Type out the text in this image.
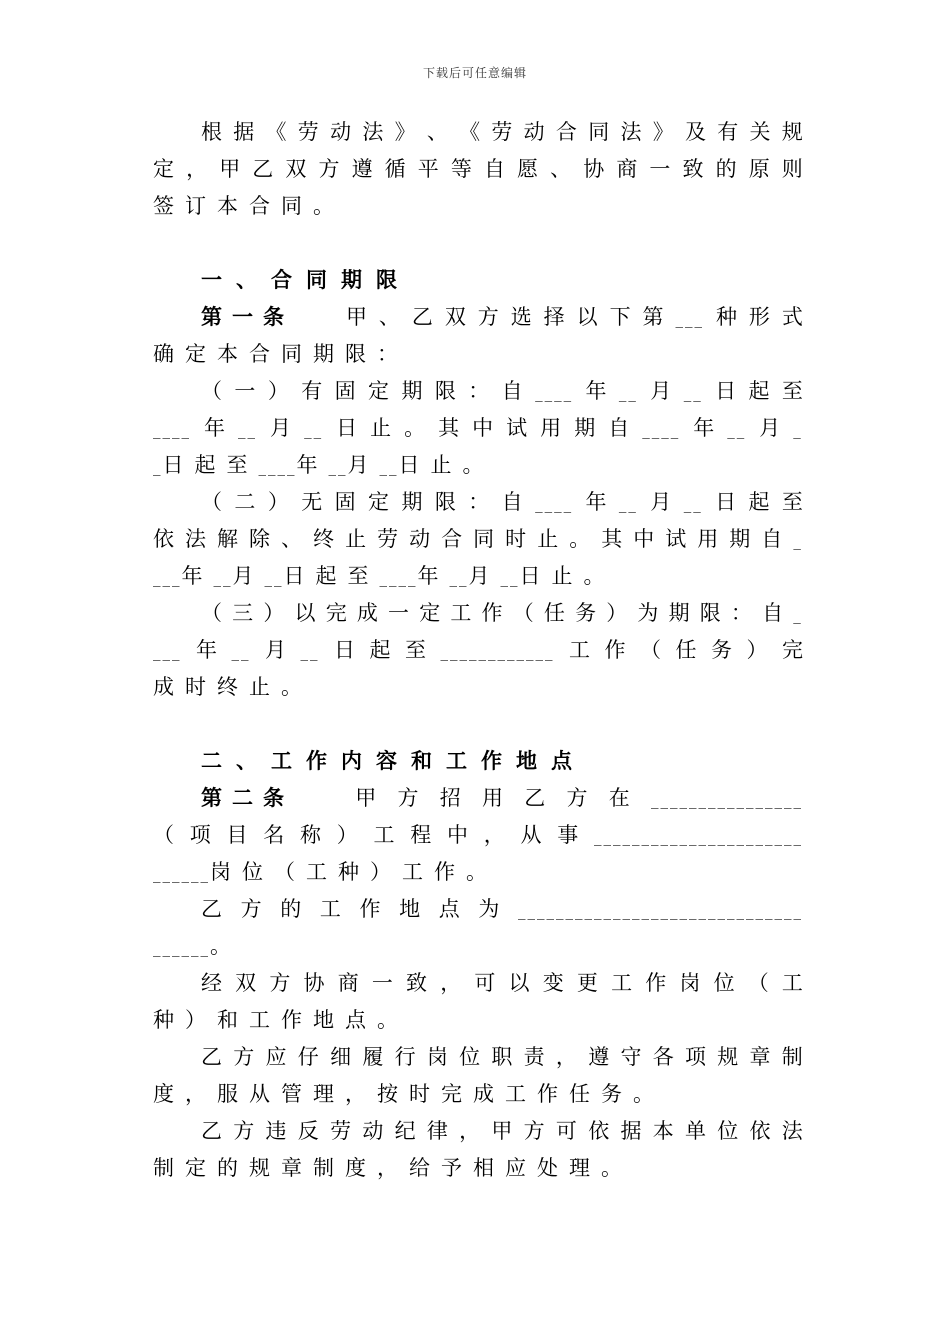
下载后可任意编辑
根 据 《 劳 动 法 》 、 《 劳 动 合 同 法 》 及 有 关 规
定 ， 甲 乙 双 方 遵 循 平 等 自 愿 、 协 商 一 致 的 原 则
签 订 本 合 同 。
一 、 合 同 期 限
第 一 条	甲 、 乙 双 方 选 择 以 下 第 ___ 种 形 式
确 定 本 合 同 期 限 ：
（ 一 ） 有 固 定 期 限 ： 自 ____ 年 __ 月 __ 日 起 至
____ 年 __ 月 __ 日 止 。 其 中 试 用 期 自 ____ 年 __ 月 _
_ 日 起 至 ____ 年 __ 月 __ 日 止 。
（ 二 ） 无 固 定 期 限 ： 自 ____ 年 __ 月 __ 日 起 至
依 法 解 除 、 终 止 劳 动 合 同 时 止 。 其 中 试 用 期 自 _
___ 年 __ 月 __ 日 起 至 ____ 年 __ 月 __ 日 止 。
（ 三 ） 以 完 成 一 定 工 作 （ 任 务 ） 为 期 限 ： 自 _
___ 年 __ 月 __ 日 起 至 ____________ 工 作 （ 任 务 ） 完
成 时 终 止 。
二 、 工 作 内 容 和 工 作 地 点
第 二 条	甲 方 招 用 乙 方 在 ________________
（ 项 目 名 称 ） 工 程 中 ， 从 事 ______________________
______ 岗 位 （ 工 种 ） 工 作 。
乙 方 的 工 作 地 点 为 ______________________________
______ 。
经 双 方 协 商 一 致 ， 可 以 变 更 工 作 岗 位 （ 工
种 ） 和 工 作 地 点 。
乙 方 应 仔 细 履 行 岗 位 职 责 ， 遵 守 各 项 规 章 制
度 ， 服 从 管 理 ， 按 时 完 成 工 作 任 务 。
乙 方 违 反 劳 动 纪 律 ， 甲 方 可 依 据 本 单 位 依 法
制 定 的 规 章 制 度 ， 给 予 相 应 处 理 。
